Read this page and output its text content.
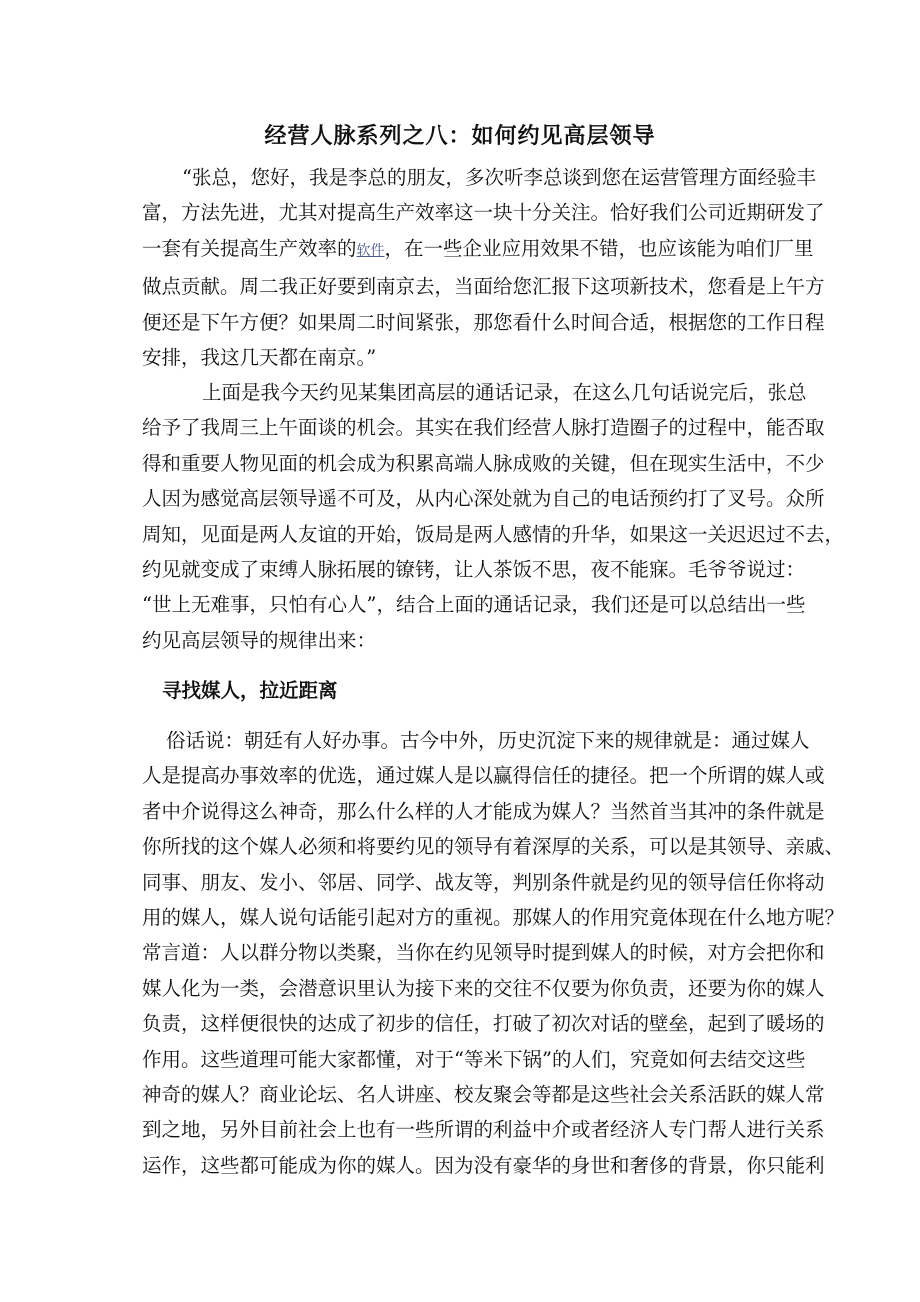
经营人脉系列之八：如何约见高层领导
“张总，您好，我是李总的朋友，多次听李总谈到您在运营管理方面经验丰
富，方法先进，尤其对提高生产效率这一块十分关注。恰好我们公司近期研发了
一套有关提高生产效率的软件，在一些企业应用效果不错，也应该能为咱们厂里
做点贡献。周二我正好要到南京去，当面给您汇报下这项新技术，您看是上午方
便还是下午方便？如果周二时间紧张，那您看什么时间合适，根据您的工作日程
安排，我这几天都在南京。”
上面是我今天约见某集团高层的通话记录，在这么几句话说完后，张总
给予了我周三上午面谈的机会。其实在我们经营人脉打造圈子的过程中，能否取
得和重要人物见面的机会成为积累高端人脉成败的关键，但在现实生活中，不少
人因为感觉高层领导遥不可及，从内心深处就为自己的电话预约打了叉号。众所
周知，见面是两人友谊的开始，饭局是两人感情的升华，如果这一关迟迟过不去，
约见就变成了束缚人脉拓展的镣铐，让人茶饭不思，夜不能寐。毛爷爷说过：
“世上无难事，只怕有心人”，结合上面的通话记录，我们还是可以总结出一些
约见高层领导的规律出来：
寻找媒人，拉近距离
俗话说：朝廷有人好办事。古今中外，历史沉淀下来的规律就是：通过媒人
人是提高办事效率的优选，通过媒人是以赢得信任的捷径。把一个所谓的媒人或
者中介说得这么神奇，那么什么样的人才能成为媒人？当然首当其冲的条件就是
你所找的这个媒人必须和将要约见的领导有着深厚的关系，可以是其领导、亲戚、
同事、朋友、发小、邻居、同学、战友等，判别条件就是约见的领导信任你将动
用的媒人，媒人说句话能引起对方的重视。那媒人的作用究竟体现在什么地方呢？
常言道：人以群分物以类聚，当你在约见领导时提到媒人的时候，对方会把你和
媒人化为一类，会潜意识里认为接下来的交往不仅要为你负责，还要为你的媒人
负责，这样便很快的达成了初步的信任，打破了初次对话的壁垒，起到了暖场的
作用。这些道理可能大家都懂，对于“等米下锅”的人们，究竟如何去结交这些
神奇的媒人？商业论坛、名人讲座、校友聚会等都是这些社会关系活跃的媒人常
到之地，另外目前社会上也有一些所谓的利益中介或者经济人专门帮人进行关系
运作，这些都可能成为你的媒人。因为没有豪华的身世和奢侈的背景，你只能利
